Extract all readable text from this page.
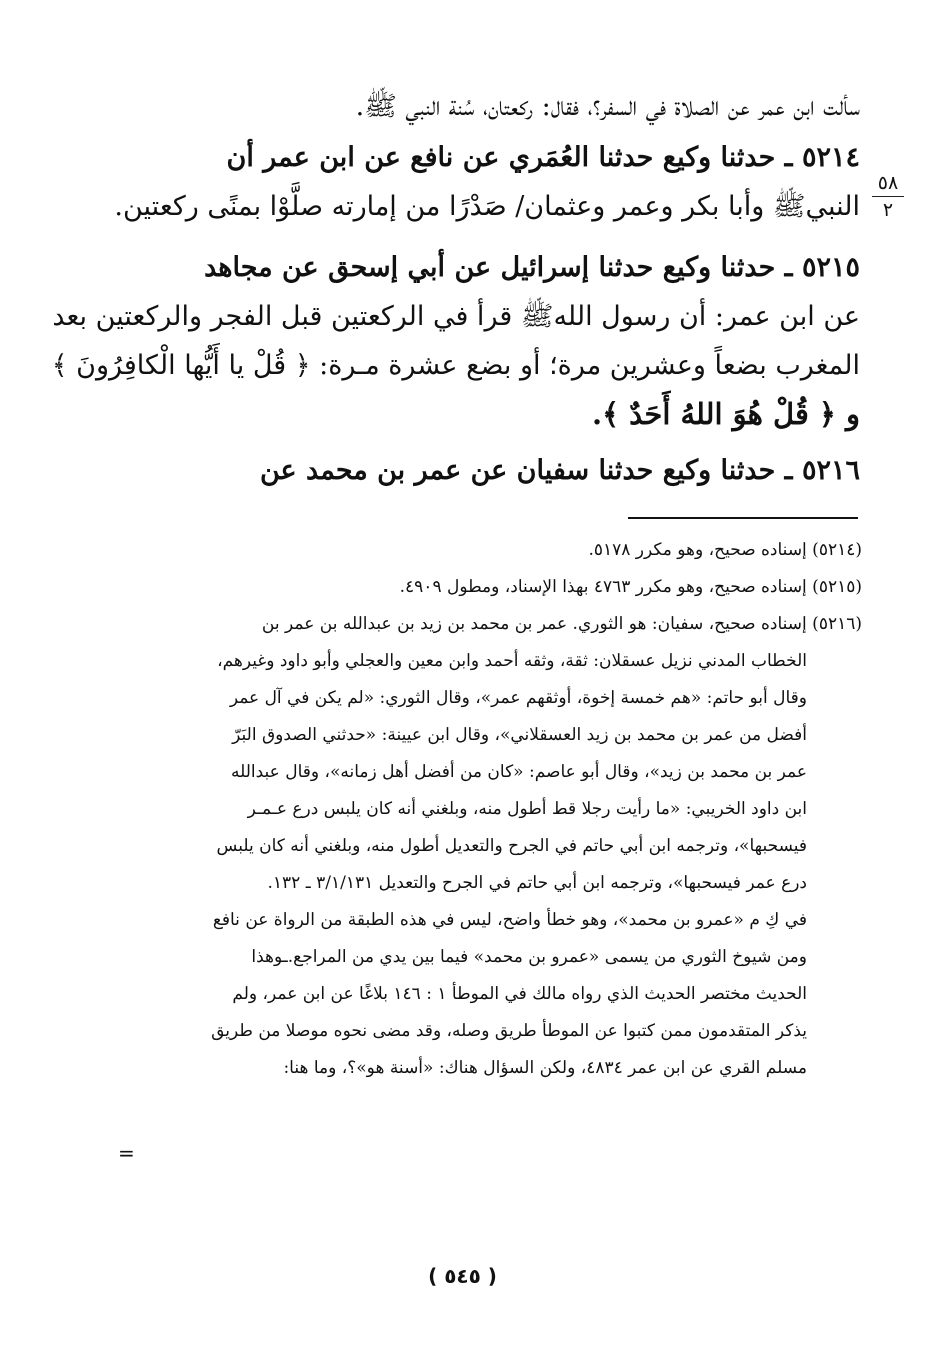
سألت ابن عمر عن الصلاة في السفر؟، فقال: ركعتان، سُنة النبي ﷺ.
٥٢١٤ ـ حدثنا وكيع حدثنا العُمَري عن نافع عن ابن عمر أن
النبيﷺ وأبا بكر وعمر وعثمان/ صَدْرًا من إمارته صلَّوْا بمنًى ركعتين.
٥٢١٥ ـ حدثنا وكيع حدثنا إسرائيل عن أبي إسحق عن مجاهد
عن ابن عمر: أن رسول اللهﷺ قرأ في الركعتين قبل الفجر والركعتين بعد
المغرب بضعاً وعشرين مرة؛ أو بضع عشرة مـرة: ﴿ قُلْ يا أَيُّها الْكافِرُونَ ﴾
و ﴿ قُلْ هُوَ اللهُ أَحَدٌ ﴾.
٥٢١٦ ـ حدثنا وكيع حدثنا سفيان عن عمر بن محمد عن
٥٨
٢
(٥٢١٤) إسناده صحيح، وهو مكرر ٥١٧٨.
(٥٢١٥) إسناده صحيح، وهو مكرر ٤٧٦٣ بهذا الإسناد، ومطول ٤٩٠٩.
(٥٢١٦) إسناده صحيح، سفيان: هو الثوري. عمر بن محمد بن زيد بن عبدالله بن عمر بن
الخطاب المدني نزيل عسقلان: ثقة، وثقه أحمد وابن معين والعجلي وأبو داود وغيرهم،
وقال أبو حاتم: «هم خمسة إخوة، أوثقهم عمر»، وقال الثوري: «لم يكن في آل عمر
أفضل من عمر بن محمد بن زيد العسقلاني»، وقال ابن عيينة: «حدثني الصدوق البَرّ
عمر بن محمد بن زيد»، وقال أبو عاصم: «كان من أفضل أهل زمانه»، وقال عبدالله
ابن داود الخريبي: «ما رأيت رجلا قط أطول منه، وبلغني أنه كان يلبس درع عـمـر
فيسحبها»، وترجمه ابن أبي حاتم في الجرح والتعديل أطول منه، وبلغني أنه كان يلبس
درع عمر فيسحبها»، وترجمه ابن أبي حاتم في الجرح والتعديل ٣/١/١٣١ ـ ١٣٢.
في كِ م «عمرو بن محمد»، وهو خطأ واضح، ليس في هذه الطبقة من الرواة عن نافع
ومن شيوخ الثوري من يسمى «عمرو بن محمد» فيما بين يدي من المراجع.ـوهذا
الحديث مختصر الحديث الذي رواه مالك في الموطأ ١ : ١٤٦ بلاغًا عن ابن عمر، ولم
يذكر المتقدمون ممن كتبوا عن الموطأ طريق وصله، وقد مضى نحوه موصلا من طريق
مسلم القري عن ابن عمر ٤٨٣٤، ولكن السؤال هناك: «أسنة هو»؟، وما هنا:
=
( ٥٤٥ )
